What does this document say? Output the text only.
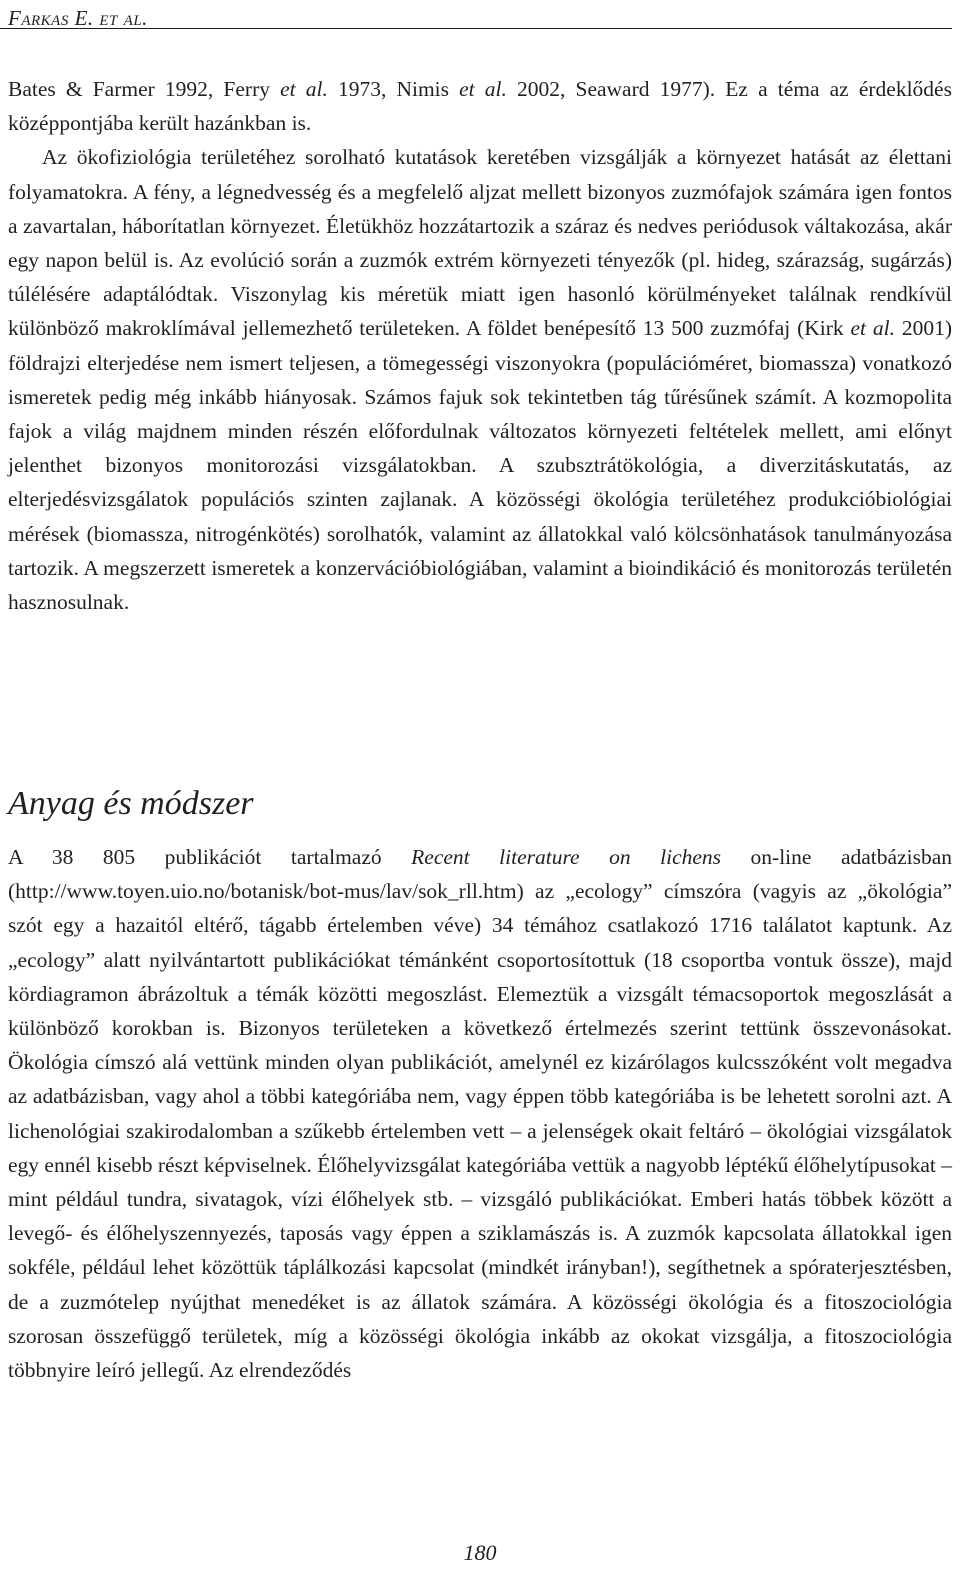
Farkas E. et al.

Bates & Farmer 1992, Ferry et al. 1973, Nimis et al. 2002, Seaward 1977). Ez a téma az érdeklődés középpontjába került hazánkban is.

Az ökofiziológia területéhez sorolható kutatások keretében vizsgálják a környezet hatását az élettani folyamatokra. A fény, a légnedvesség és a megfelelő aljzat mellett bizonyos zuzmófajok számára igen fontos a zavartalan, háborítatlan környezet. Életükhöz hozzátartozik a száraz és nedves periódusok váltakozása, akár egy napon belül is. Az evolúció során a zuzmók extrém környezeti tényezők (pl. hideg, szárazság, sugárzás) túlélésére adaptálódtak. Viszonylag kis méretük miatt igen hasonló körülményeket találnak rendkívül különböző makroklímával jellemezhető területeken. A földet benépesítő 13 500 zuzmófaj (Kirk et al. 2001) földrajzi elterjedése nem ismert teljesen, a tömegességi viszonyokra (populációméret, biomassza) vonatkozó ismeretek pedig még inkább hiányosak. Számos fajuk sok tekintetben tág tűrésűnek számít. A kozmopolita fajok a világ majdnem minden részén előfordulnak változatos környezeti feltételek mellett, ami előnyt jelenthet bizonyos monitorozási vizsgálatokban. A szubsztrátökológia, a diverzitáskutatás, az elterjedésvizsgálatok populációs szinten zajlanak. A közösségi ökológia területéhez produkcióbiológiai mérések (biomassza, nitrogénkötés) sorolhatók, valamint az állatokkal való kölcsönhatások tanulmányozása tartozik. A megszerzett ismeretek a konzervációbiológiában, valamint a bioindikáció és monitorozás területén hasznosulnak.

Anyag és módszer

A 38 805 publikációt tartalmazó Recent literature on lichens on-line adatbázisban (http://www.toyen.uio.no/botanisk/bot-mus/lav/sok_rll.htm) az „ecology” címszóra (vagyis az „ökológia” szót egy a hazaitól eltérő, tágabb értelemben véve) 34 témához csatlakozó 1716 találatot kaptunk. Az „ecology” alatt nyilvántartott publikációkat témánként csoportosítottuk (18 csoportba vontuk össze), majd kördiagramon ábrázoltuk a témák közötti megoszlást. Elemeztük a vizsgált témacsoportok megoszlását a különböző korokban is. Bizonyos területeken a következő értelmezés szerint tettünk összevonásokat. Ökológia címszó alá vettünk minden olyan publikációt, amelynél ez kizárólagos kulcsszóként volt megadva az adatbázisban, vagy ahol a többi kategóriába nem, vagy éppen több kategóriába is be lehetett sorolni azt. A lichenológiai szakirodalomban a szűkebb értelemben vett – a jelenségek okait feltáró – ökológiai vizsgálatok egy ennél kisebb részt képviselnek. Élőhelyvizsgálat kategóriába vettük a nagyobb léptékű élőhelytípusokat – mint például tundra, sivatagok, vízi élőhelyek stb. – vizsgáló publikációkat. Emberi hatás többek között a levegő- és élőhelyszennyezés, taposás vagy éppen a sziklamászás is. A zuzmók kapcsolata állatokkal igen sokféle, például lehet közöttük táplálkozási kapcsolat (mindkét irányban!), segíthetnek a spóraterjesztésben, de a zuzmótelep nyújthat menedéket is az állatok számára. A közösségi ökológia és a fitoszociológia szorosan összefüggő területek, míg a közösségi ökológia inkább az okokat vizsgálja, a fitoszociológia többnyire leíró jellegű. Az elrendeződés

180
